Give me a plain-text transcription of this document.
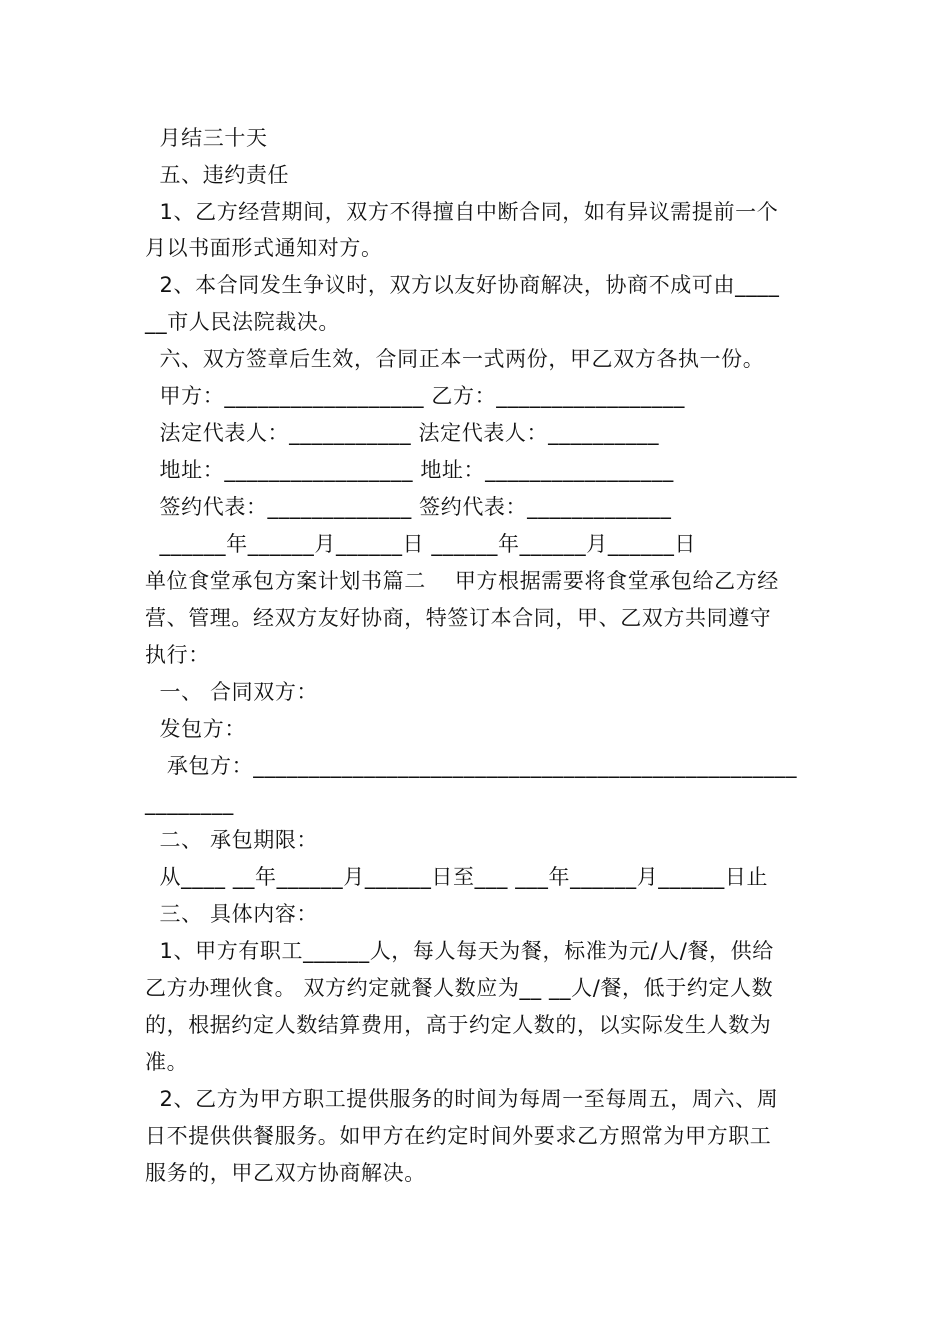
月结三十天
五、违约责任
1、乙方经营期间，双方不得擅自中断合同，如有异议需提前一个
月以书面形式通知对方。
2、本合同发生争议时，双方以友好协商解决，协商不成可由____
__市人民法院裁决。
六、双方签章后生效，合同正本一式两份，甲乙双方各执一份。
甲方：__________________ 乙方：_________________
法定代表人：___________ 法定代表人：__________
地址：_________________ 地址：_________________
签约代表：_____________ 签约代表：_____________
______年______月______日 ______年______月______日
单位食堂承包方案计划书篇二    甲方根据需要将食堂承包给乙方经
营、管理。经双方友好协商，特签订本合同，甲、乙双方共同遵守
执行：
一、 合同双方：
发包方：
承包方：_________________________________________________
________
二、 承包期限：
从____ __年______月______日至___ ___年______月______日止
三、 具体内容：
1、甲方有职工______人，每人每天为餐，标准为元/人/餐，供给
乙方办理伙食。 双方约定就餐人数应为__ __人/餐，低于约定人数
的，根据约定人数结算费用，高于约定人数的，以实际发生人数为
准。
2、乙方为甲方职工提供服务的时间为每周一至每周五，周六、周
日不提供供餐服务。如甲方在约定时间外要求乙方照常为甲方职工
服务的，甲乙双方协商解决。
